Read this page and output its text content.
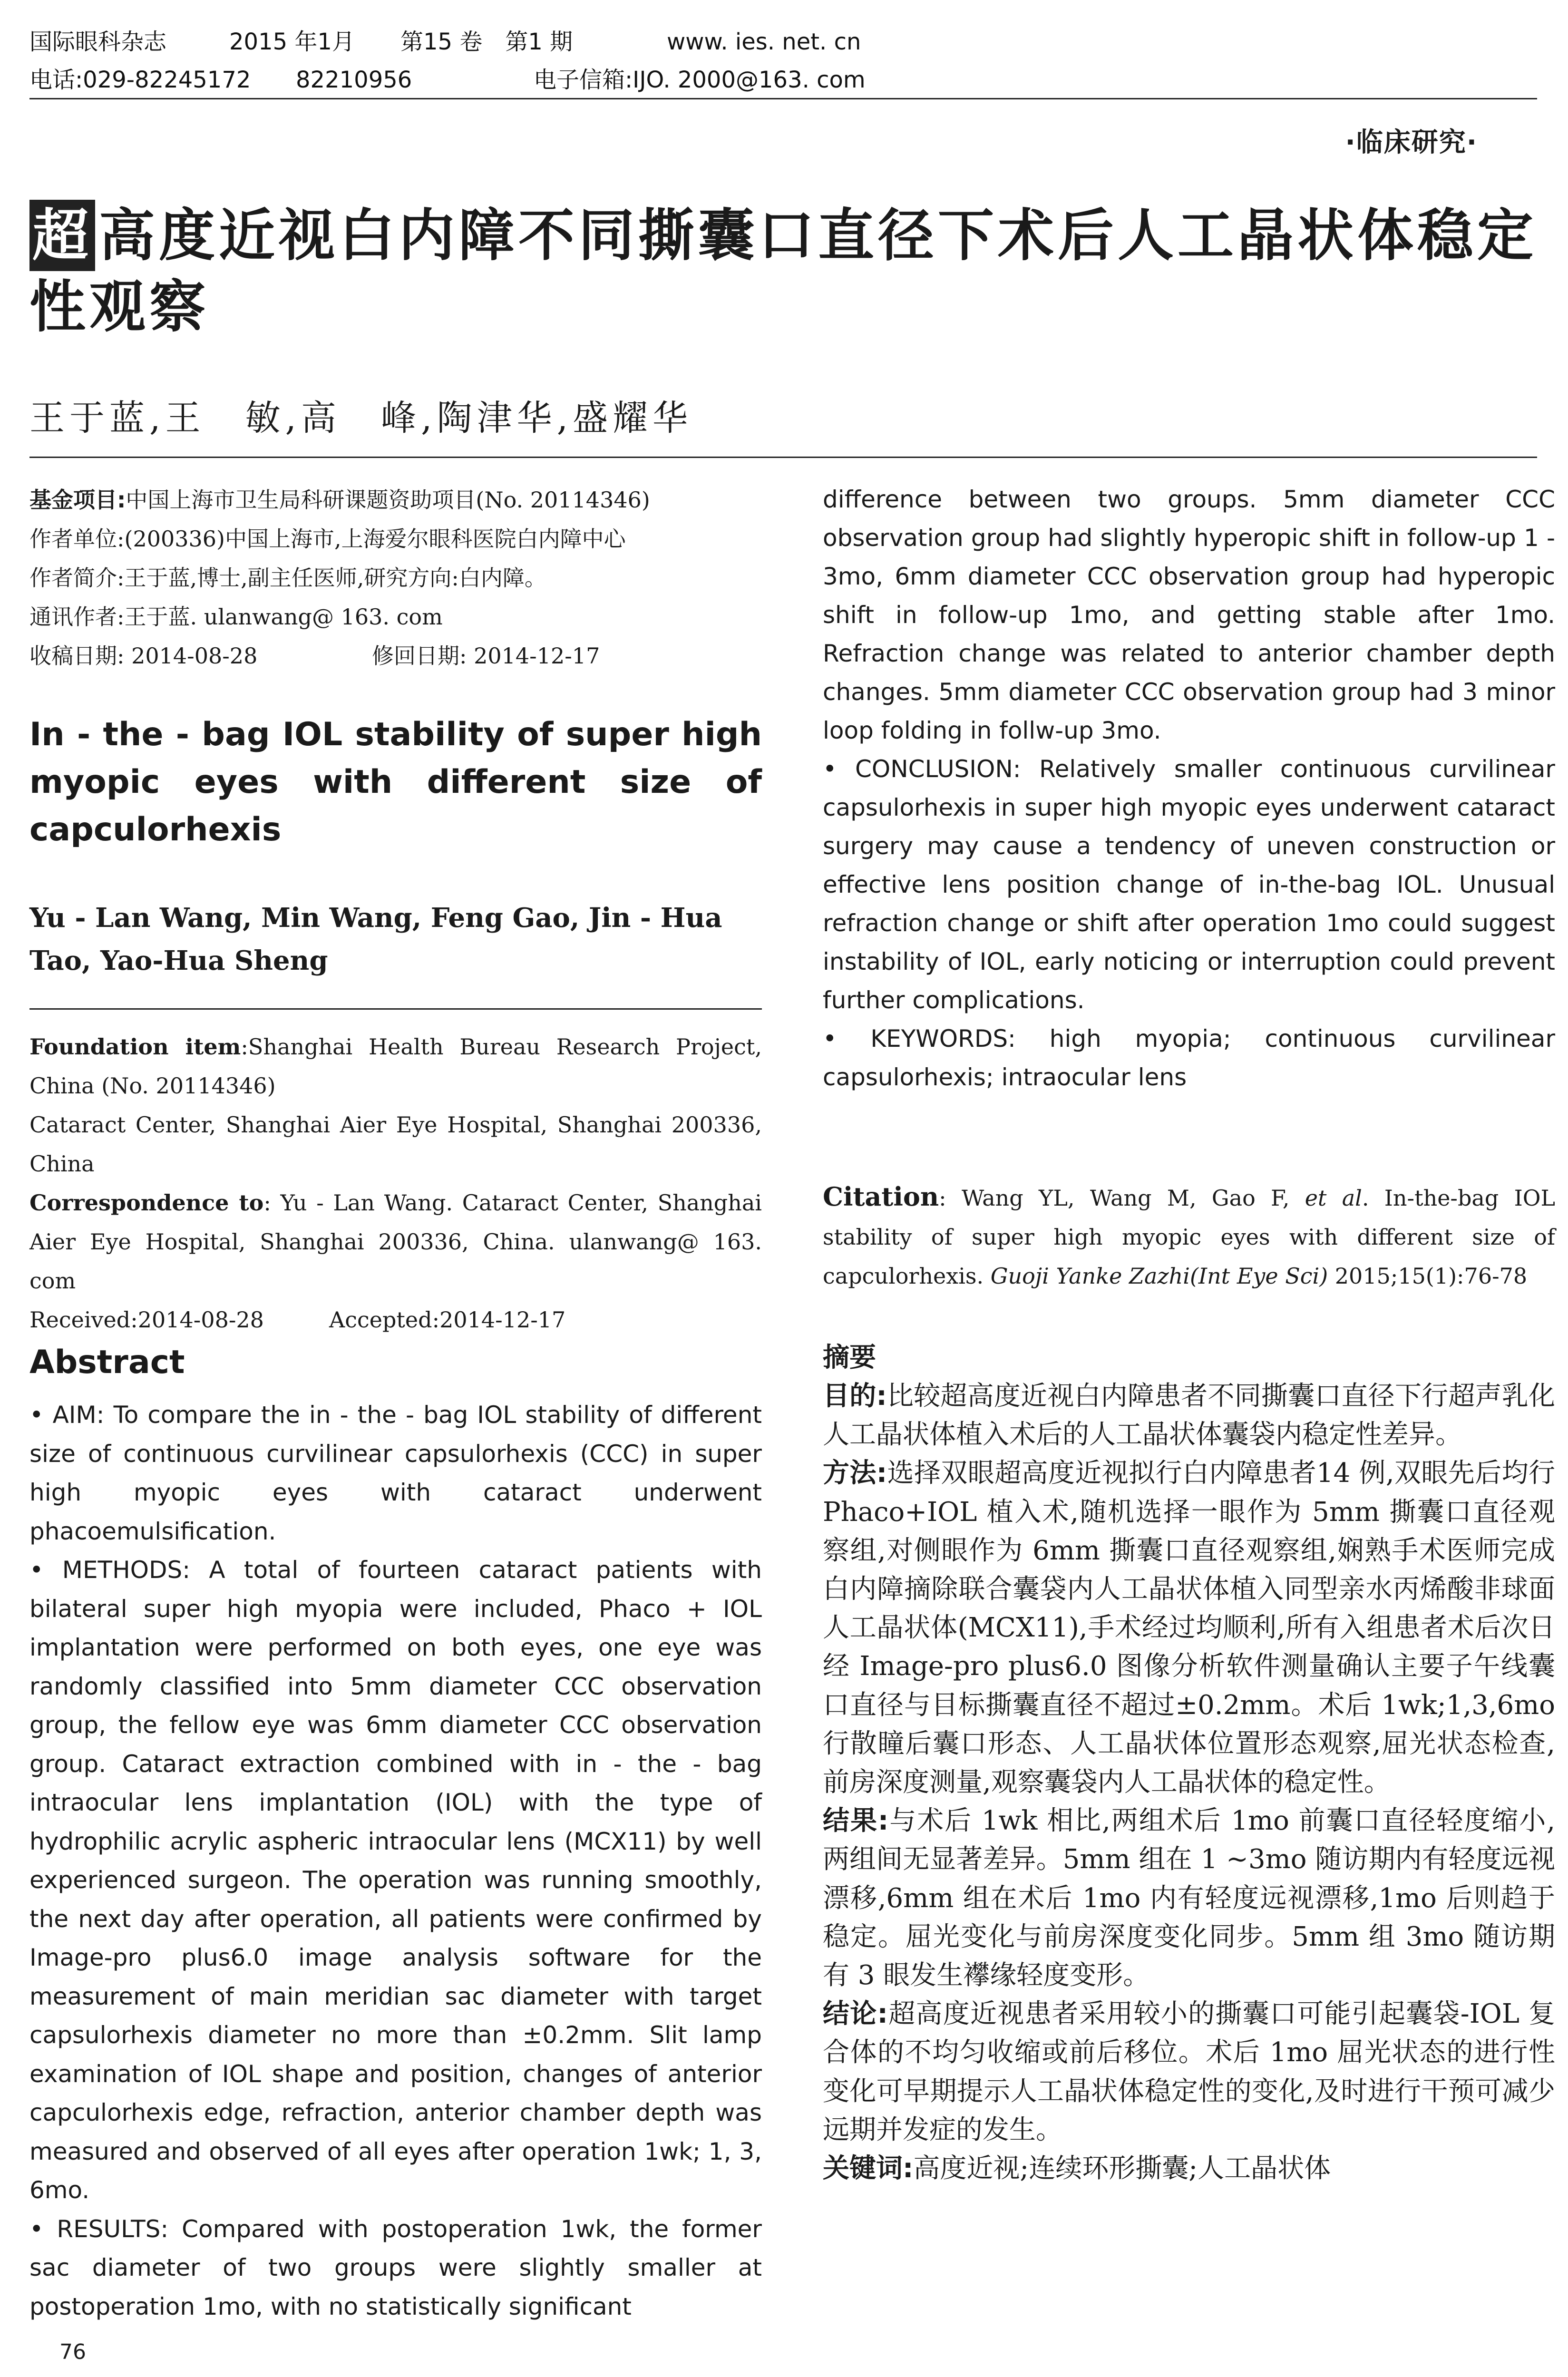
国际眼科杂志	2015 年1月	第15 卷　 第1 期	www. ies. net. cn
电话:029-82245172	82210956	电子信箱:IJO. 2000@163. com
·临床研究·
超 高度近视白内障不同撕囊口直径下术后人工晶状体稳定性观察
王于蓝,王　敏,高　峰,陶津华,盛耀华
基金项目:中国上海市卫生局科研课题资助项目(No. 20114346)
作者单位:(200336)中国上海市,上海爱尔眼科医院白内障中心
作者简介:王于蓝,博士,副主任医师,研究方向:白内障。
通讯作者:王于蓝. ulanwang@ 163. com
收稿日期: 2014-08-28	修回日期: 2014-12-17
In - the - bag IOL stability of super high myopic eyes with different size of capculorhexis
Yu - Lan Wang, Min Wang, Feng Gao, Jin - Hua Tao, Yao-Hua Sheng
Foundation item:Shanghai Health Bureau Research Project, China (No. 20114346)
Cataract Center, Shanghai Aier Eye Hospital, Shanghai 200336, China
Correspondence to: Yu - Lan Wang. Cataract Center, Shanghai Aier Eye Hospital, Shanghai 200336, China. ulanwang@ 163. com
Received:2014-08-28	Accepted:2014-12-17
Abstract

• AIM: To compare the in - the - bag IOL stability of different size of continuous curvilinear capsulorhexis (CCC) in super high myopic eyes with cataract underwent phacoemulsification.

• METHODS: A total of fourteen cataract patients with bilateral super high myopia were included, Phaco + IOL implantation were performed on both eyes, one eye was randomly classified into 5mm diameter CCC observation group, the fellow eye was 6mm diameter CCC observation group. Cataract extraction combined with in - the - bag intraocular lens implantation (IOL) with the type of hydrophilic acrylic aspheric intraocular lens (MCX11) by well experienced surgeon. The operation was running smoothly, the next day after operation, all patients were confirmed by Image-pro plus6.0 image analysis software for the measurement of main meridian sac diameter with target capsulorhexis diameter no more than ±0.2mm. Slit lamp examination of IOL shape and position, changes of anterior capculorhexis edge, refraction, anterior chamber depth was measured and observed of all eyes after operation 1wk; 1, 3, 6mo.

• RESULTS: Compared with postoperation 1wk, the former sac diameter of two groups were slightly smaller at postoperation 1mo, with no statistically significant

difference between two groups. 5mm diameter CCC observation group had slightly hyperopic shift in follow-up 1 - 3mo, 6mm diameter CCC observation group had hyperopic shift in follow-up 1mo, and getting stable after 1mo. Refraction change was related to anterior chamber depth changes. 5mm diameter CCC observation group had 3 minor loop folding in follw-up 3mo.

• CONCLUSION: Relatively smaller continuous curvilinear capsulorhexis in super high myopic eyes underwent cataract surgery may cause a tendency of uneven construction or effective lens position change of in-the-bag IOL. Unusual refraction change or shift after operation 1mo could suggest instability of IOL, early noticing or interruption could prevent further complications.

• KEYWORDS: high myopia; continuous curvilinear capsulorhexis; intraocular lens

Citation: Wang YL, Wang M, Gao F, et al. In-the-bag IOL stability of super high myopic eyes with different size of capculorhexis. Guoji Yanke Zazhi(Int Eye Sci) 2015;15(1):76-78
摘要

目的:比较超高度近视白内障患者不同撕囊口直径下行超声乳化人工晶状体植入术后的人工晶状体囊袋内稳定性差异。

方法:选择双眼超高度近视拟行白内障患者14 例,双眼先后均行 Phaco+IOL 植入术,随机选择一眼作为 5mm 撕囊口直径观察组,对侧眼作为 6mm 撕囊口直径观察组,娴熟手术医师完成白内障摘除联合囊袋内人工晶状体植入同型亲水丙烯酸非球面人工晶状体(MCX11),手术经过均顺利,所有入组患者术后次日经 Image-pro plus6.0 图像分析软件测量确认主要子午线囊口直径与目标撕囊直径不超过±0.2mm。术后 1wk;1,3,6mo 行散瞳后囊口形态、人工晶状体位置形态观察,屈光状态检查,前房深度测量,观察囊袋内人工晶状体的稳定性。

结果:与术后 1wk 相比,两组术后 1mo 前囊口直径轻度缩小,两组间无显著差异。5mm 组在 1 ~3mo 随访期内有轻度远视漂移,6mm 组在术后 1mo 内有轻度远视漂移,1mo 后则趋于稳定。屈光变化与前房深度变化同步。5mm 组 3mo 随访期有 3 眼发生襻缘轻度变形。

结论:超高度近视患者采用较小的撕囊口可能引起囊袋-IOL 复合体的不均匀收缩或前后移位。术后 1mo 屈光状态的进行性变化可早期提示人工晶状体稳定性的变化,及时进行干预可减少远期并发症的发生。

关键词:高度近视;连续环形撕囊;人工晶状体

76
